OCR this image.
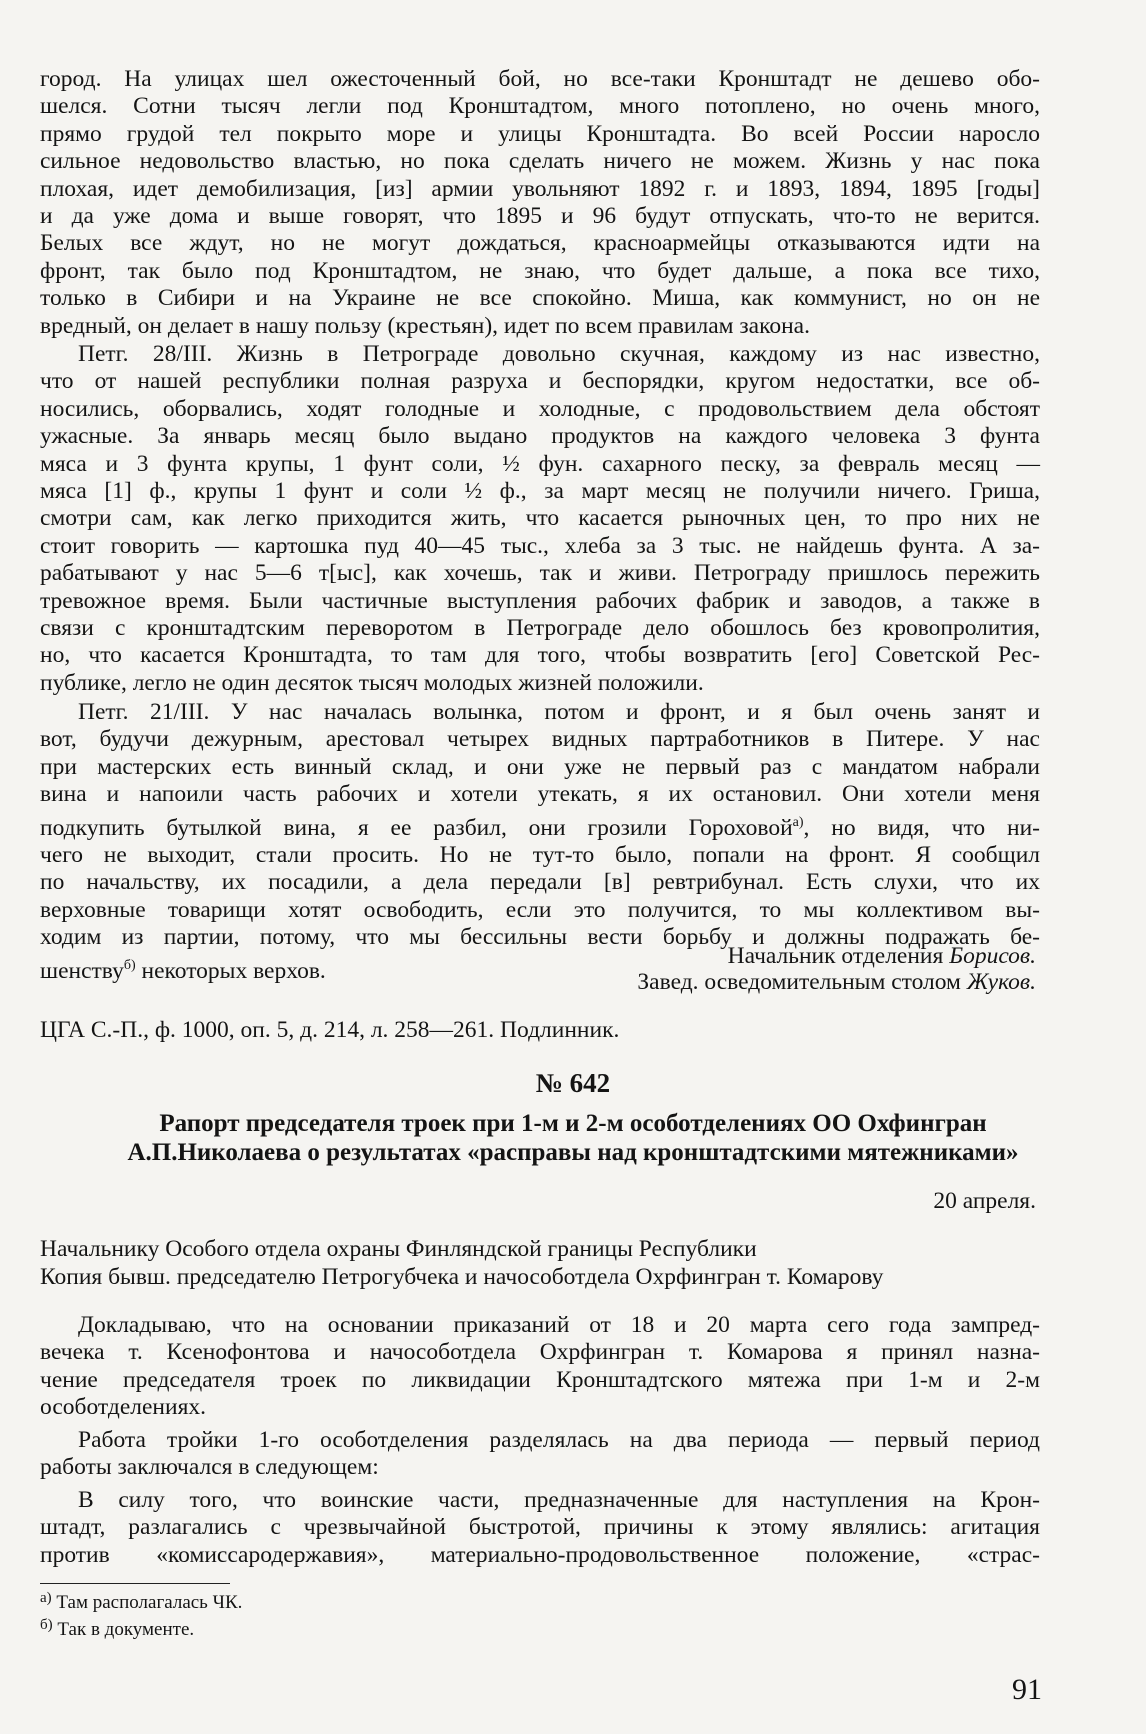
город. На улицах шел ожесточенный бой, но все-таки Кронштадт не дешево обо-
шелся. Сотни тысяч легли под Кронштадтом, много потоплено, но очень много,
прямо грудой тел покрыто море и улицы Кронштадта. Во всей России наросло
сильное недовольство властью, но пока сделать ничего не можем. Жизнь у нас пока
плохая, идет демобилизация, [из] армии увольняют 1892 г. и 1893, 1894, 1895 [годы]
и да уже дома и выше говорят, что 1895 и 96 будут отпускать, что-то не верится.
Белых все ждут, но не могут дождаться, красноармейцы отказываются идти на
фронт, так было под Кронштадтом, не знаю, что будет дальше, а пока все тихо,
только в Сибири и на Украине не все спокойно. Миша, как коммунист, но он не
вредный, он делает в нашу пользу (крестьян), идет по всем правилам закона.
Петг. 28/III. Жизнь в Петрограде довольно скучная, каждому из нас известно,
что от нашей республики полная разруха и беспорядки, кругом недостатки, все об-
носились, оборвались, ходят голодные и холодные, с продовольствием дела обстоят
ужасные. За январь месяц было выдано продуктов на каждого человека 3 фунта
мяса и 3 фунта крупы, 1 фунт соли, ½ фун. сахарного песку, за февраль месяц —
мяса [1] ф., крупы 1 фунт и соли ½ ф., за март месяц не получили ничего. Гриша,
смотри сам, как легко приходится жить, что касается рыночных цен, то про них не
стоит говорить — картошка пуд 40—45 тыс., хлеба за 3 тыс. не найдешь фунта. А за-
рабатывают у нас 5—6 т[ыс], как хочешь, так и живи. Петрограду пришлось пережить
тревожное время. Были частичные выступления рабочих фабрик и заводов, а также в
связи с кронштадтским переворотом в Петрограде дело обошлось без кровопролития,
но, что касается Кронштадта, то там для того, чтобы возвратить [его] Советской Рес-
публике, легло не один десяток тысяч молодых жизней положили.
Петг. 21/III. У нас началась волынка, потом и фронт, и я был очень занят и
вот, будучи дежурным, арестовал четырех видных партработников в Питере. У нас
при мастерских есть винный склад, и они уже не первый раз с мандатом набрали
вина и напоили часть рабочих и хотели утекать, я их остановил. Они хотели меня
подкупить бутылкой вина, я ее разбил, они грозили Гороховой$^{а)}$, но видя, что ни-
чего не выходит, стали просить. Но не тут-то было, попали на фронт. Я сообщил
по начальству, их посадили, а дела передали [в] ревтрибунал. Есть слухи, что их
верховные товарищи хотят освободить, если это получится, то мы коллективом вы-
ходим из партии, потому, что мы бессильны вести борьбу и должны подражать бе-
шенству$^{б)}$ некоторых верхов.
Начальник отделения Борисов.
Завед. осведомительным столом Жуков.
ЦГА С.-П., ф. 1000, оп. 5, д. 214, л. 258—261. Подлинник.
№ 642
Рапорт председателя троек при 1-м и 2-м особотделениях ОО Охфингран
А.П.Николаева о результатах «расправы над кронштадтскими мятежниками»
20 апреля.
Начальнику Особого отдела охраны Финляндской границы Республики
Копия бывш. председателю Петрогубчека и начособотдела Охрфингран т. Комарову
Докладываю, что на основании приказаний от 18 и 20 марта сего года зампред-
вечека т. Ксенофонтова и начособотдела Охрфингран т. Комарова я принял назна-
чение председателя троек по ликвидации Кронштадтского мятежа при 1-м и 2-м
особотделениях.
Работа тройки 1-го особотделения разделялась на два периода — первый период
работы заключался в следующем:
В силу того, что воинские части, предназначенные для наступления на Крон-
штадт, разлагались с чрезвычайной быстротой, причины к этому являлись: агитация
против «комиссародержавия», материально-продовольственное положение, «страс-
$^{а)}$ Там располагалась ЧК.
$^{б)}$ Так в документе.
91
